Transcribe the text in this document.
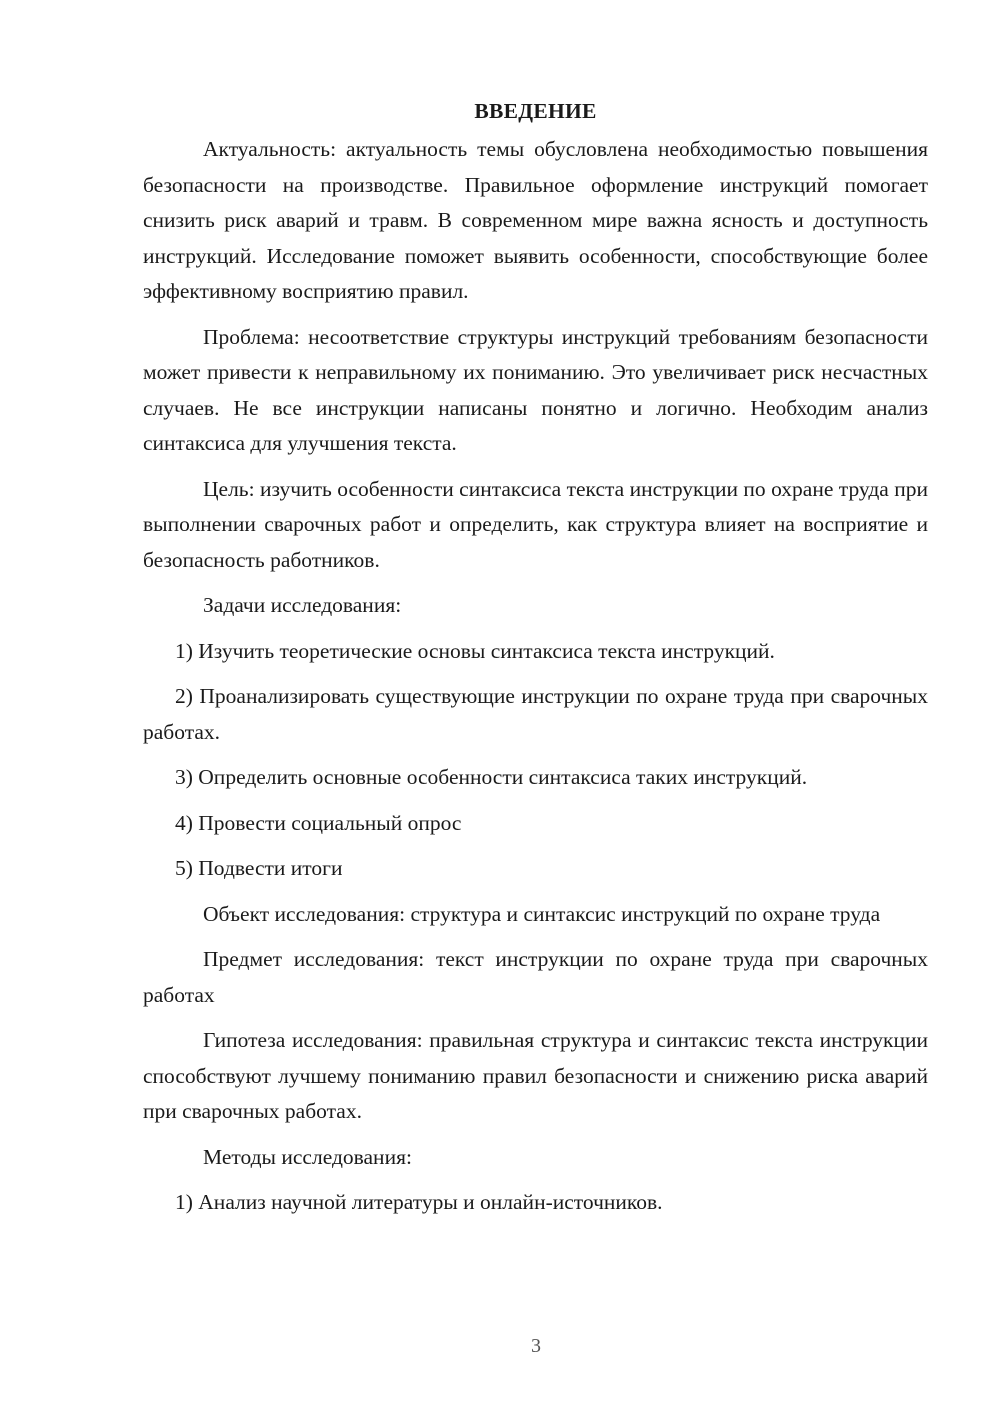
ВВЕДЕНИЕ

Актуальность: актуальность темы обусловлена необходимостью повышения безопасности на производстве. Правильное оформление инструкций помогает снизить риск аварий и травм. В современном мире важна ясность и доступность инструкций. Исследование поможет выявить особенности, способствующие более эффективному восприятию правил.

Проблема: несоответствие структуры инструкций требованиям безопасности может привести к неправильному их пониманию. Это увеличивает риск несчастных случаев. Не все инструкции написаны понятно и логично. Необходим анализ синтаксиса для улучшения текста.

Цель: изучить особенности синтаксиса текста инструкции по охране труда при выполнении сварочных работ и определить, как структура влияет на восприятие и безопасность работников.

Задачи исследования:

1) Изучить теоретические основы синтаксиса текста инструкций.

2) Проанализировать существующие инструкции по охране труда при сварочных работах.

3) Определить основные особенности синтаксиса таких инструкций.

4) Провести социальный опрос

5) Подвести итоги

Объект исследования: структура и синтаксис инструкций по охране труда

Предмет исследования: текст инструкции по охране труда при сварочных работах

Гипотеза исследования: правильная структура и синтаксис текста инструкции способствуют лучшему пониманию правил безопасности и снижению риска аварий при сварочных работах.

Методы исследования:

1) Анализ научной литературы и онлайн-источников.

3
